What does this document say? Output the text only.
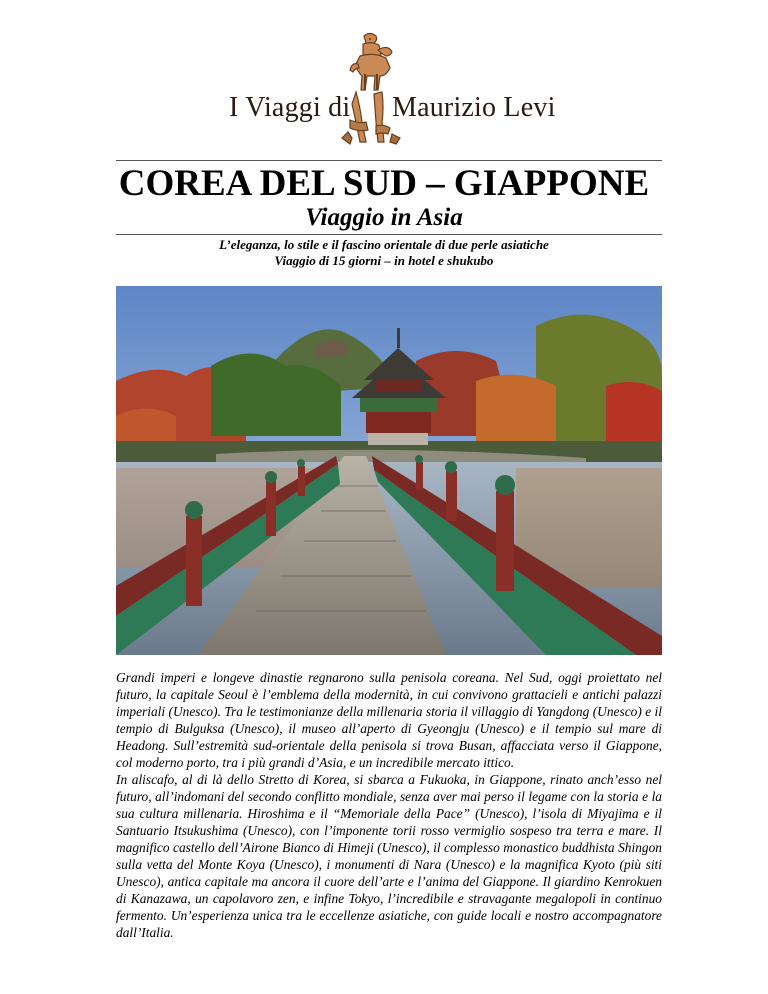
I Viaggi di Maurizio Levi
COREA DEL SUD – GIAPPONE
Viaggio in Asia
L’eleganza, lo stile e il fascino orientale di due perle asiatiche
Viaggio di 15 giorni – in hotel e shukubo

Grandi imperi e longeve dinastie regnarono sulla penisola coreana. Nel Sud, oggi proiettato nel futuro, la capitale Seoul è l’emblema della modernità, in cui convivono grattacieli e antichi palazzi imperiali (Unesco). Tra le testimonianze della millenaria storia il villaggio di Yangdong (Unesco) e il tempio di Bulguksa (Unesco), il museo all’aperto di Gyeongju (Unesco) e il tempio sul mare di Headong. Sull’estremità sud-orientale della penisola si trova Busan, affacciata verso il Giappone, col moderno porto, tra i più grandi d’Asia, e un incredibile mercato ittico.

In aliscafo, al di là dello Stretto di Korea, si sbarca a Fukuoka, in Giappone, rinato anch’esso nel futuro, all’indomani del secondo conflitto mondiale, senza aver mai perso il legame con la storia e la sua cultura millenaria. Hiroshima e il “Memoriale della Pace” (Unesco), l’isola di Miyajima e il Santuario Itsukushima (Unesco), con l’imponente torii rosso vermiglio sospeso tra terra e mare. Il magnifico castello dell’Airone Bianco di Himeji (Unesco), il complesso monastico buddhista Shingon sulla vetta del Monte Koya (Unesco), i monumenti di Nara (Unesco) e la magnifica Kyoto (più siti Unesco), antica capitale ma ancora il cuore dell’arte e l’anima del Giappone. Il giardino Kenrokuen di Kanazawa, un capolavoro zen, e infine Tokyo, l’incredibile e stravagante megalopoli in continuo fermento. Un’esperienza unica tra le eccellenze asiatiche, con guide locali e nostro accompagnatore dall’Italia.
